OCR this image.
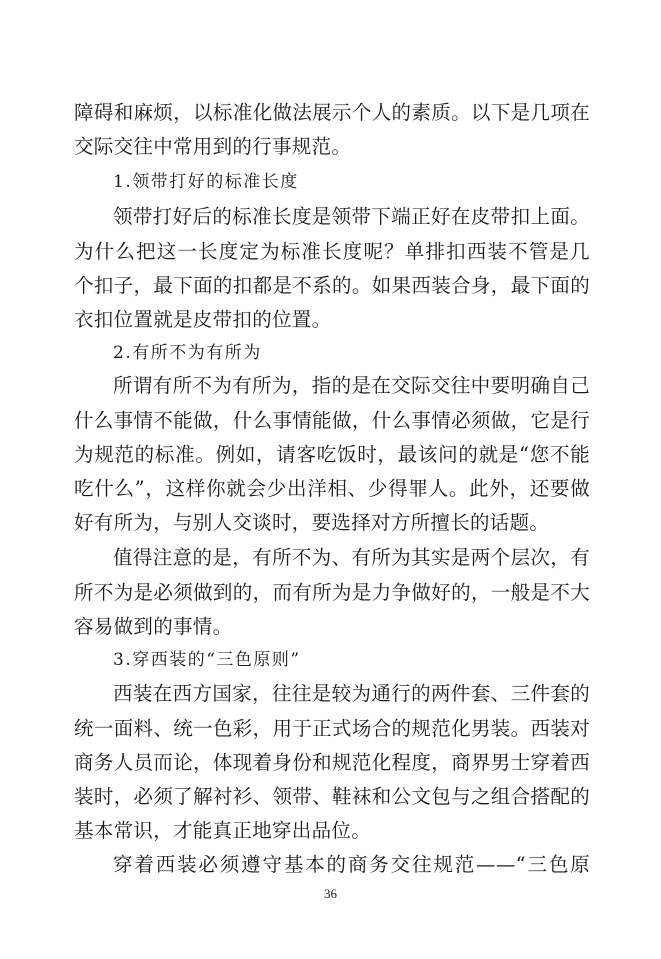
障碍和麻烦，以标准化做法展示个人的素质。以下是几项在
交际交往中常用到的行事规范。
1.领带打好的标准长度
领带打好后的标准长度是领带下端正好在皮带扣上面。
为什么把这一长度定为标准长度呢？单排扣西装不管是几
个扣子，最下面的扣都是不系的。如果西装合身，最下面的
衣扣位置就是皮带扣的位置。
2.有所不为有所为
所谓有所不为有所为，指的是在交际交往中要明确自己
什么事情不能做，什么事情能做，什么事情必须做，它是行
为规范的标准。例如，请客吃饭时，最该问的就是“您不能
吃什么”，这样你就会少出洋相、少得罪人。此外，还要做
好有所为，与别人交谈时，要选择对方所擅长的话题。
值得注意的是，有所不为、有所为其实是两个层次，有
所不为是必须做到的，而有所为是力争做好的，一般是不大
容易做到的事情。
3.穿西装的“三色原则”
西装在西方国家，往往是较为通行的两件套、三件套的
统一面料、统一色彩，用于正式场合的规范化男装。西装对
商务人员而论，体现着身份和规范化程度，商界男士穿着西
装时，必须了解衬衫、领带、鞋袜和公文包与之组合搭配的
基本常识，才能真正地穿出品位。
穿着西装必须遵守基本的商务交往规范——“三色原
36
